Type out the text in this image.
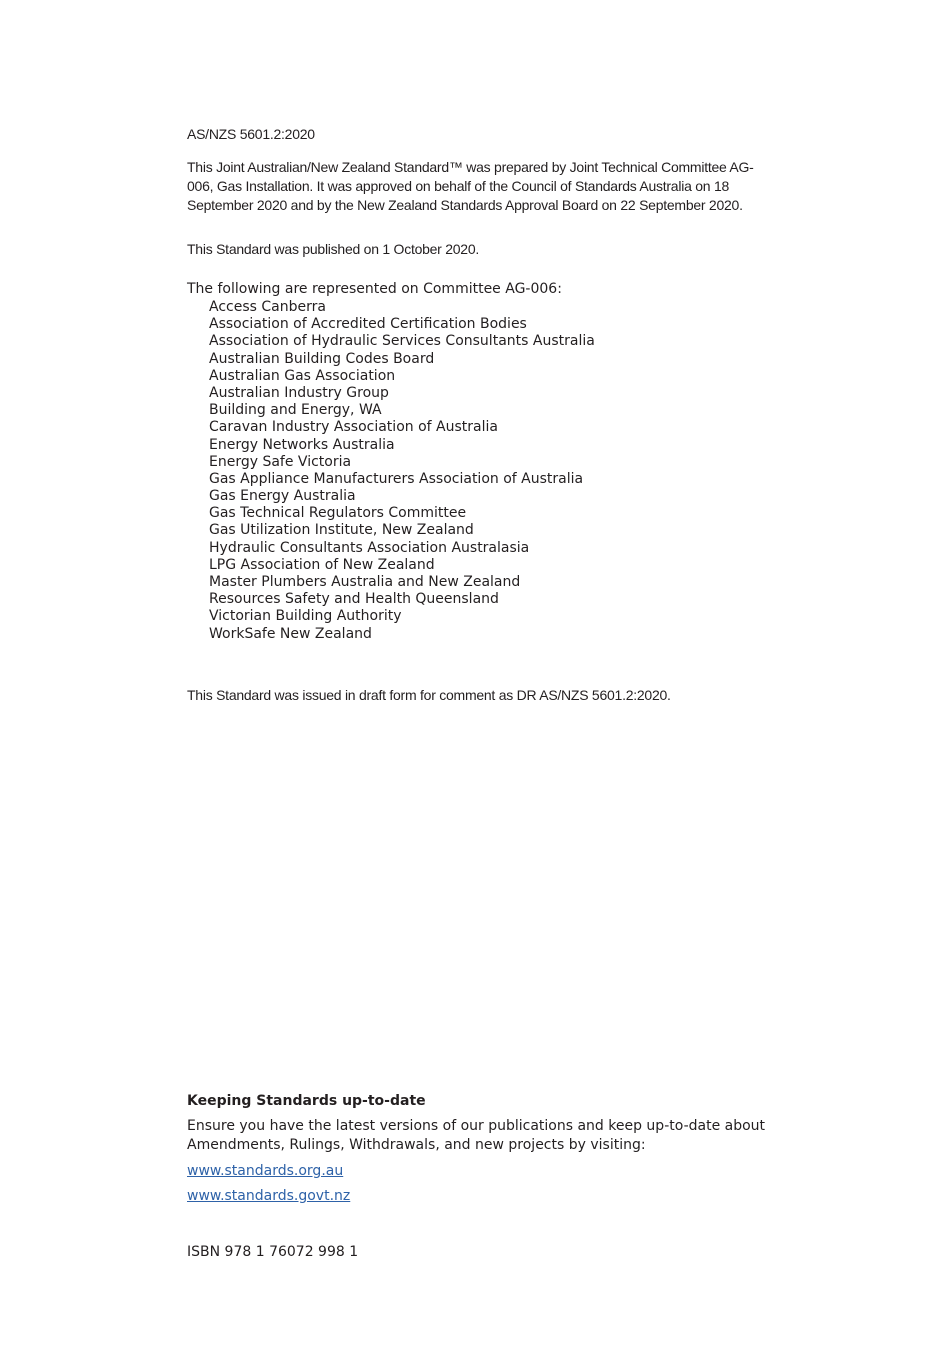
AS/NZS 5601.2:2020

This Joint Australian/New Zealand Standard™ was prepared by Joint Technical Committee AG-006, Gas Installation. It was approved on behalf of the Council of Standards Australia on 18 September 2020 and by the New Zealand Standards Approval Board on 22 September 2020.

This Standard was published on 1 October 2020.

The following are represented on Committee AG-006:

Access Canberra
Association of Accredited Certification Bodies
Association of Hydraulic Services Consultants Australia
Australian Building Codes Board
Australian Gas Association
Australian Industry Group
Building and Energy, WA
Caravan Industry Association of Australia
Energy Networks Australia
Energy Safe Victoria
Gas Appliance Manufacturers Association of Australia
Gas Energy Australia
Gas Technical Regulators Committee
Gas Utilization Institute, New Zealand
Hydraulic Consultants Association Australasia
LPG Association of New Zealand
Master Plumbers Australia and New Zealand
Resources Safety and Health Queensland
Victorian Building Authority
WorkSafe New Zealand

This Standard was issued in draft form for comment as DR AS/NZS 5601.2:2020.

Keeping Standards up-to-date

Ensure you have the latest versions of our publications and keep up-to-date about Amendments, Rulings, Withdrawals, and new projects by visiting:

www.standards.org.au
www.standards.govt.nz

ISBN 978 1 76072 998 1
